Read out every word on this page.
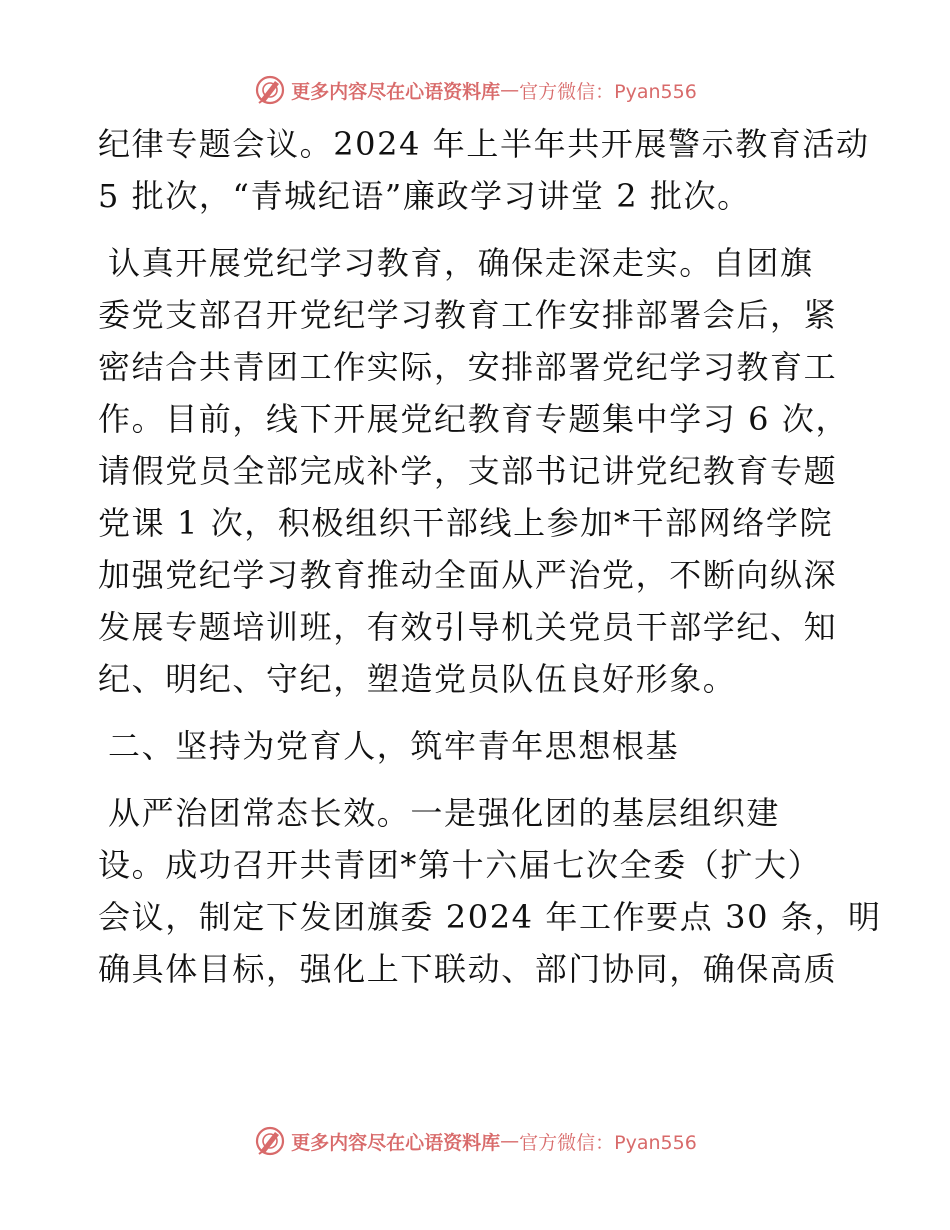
更多内容尽在心语资料库 — 官方微信：Pyan556
纪律专题会议。2024 年上半年共开展警示教育活动
5 批次，“青城纪语”廉政学习讲堂 2 批次。
认真开展党纪学习教育，确保走深走实。自团旗
委党支部召开党纪学习教育工作安排部署会后，紧
密结合共青团工作实际，安排部署党纪学习教育工
作。目前，线下开展党纪教育专题集中学习 6 次，
请假党员全部完成补学，支部书记讲党纪教育专题
党课 1 次，积极组织干部线上参加*干部网络学院
加强党纪学习教育推动全面从严治党，不断向纵深
发展专题培训班，有效引导机关党员干部学纪、知
纪、明纪、守纪，塑造党员队伍良好形象。
二、坚持为党育人，筑牢青年思想根基
从严治团常态长效。一是强化团的基层组织建
设。成功召开共青团*第十六届七次全委（扩大）
会议，制定下发团旗委 2024 年工作要点 30 条，明
确具体目标，强化上下联动、部门协同，确保高质
更多内容尽在心语资料库 — 官方微信：Pyan556
